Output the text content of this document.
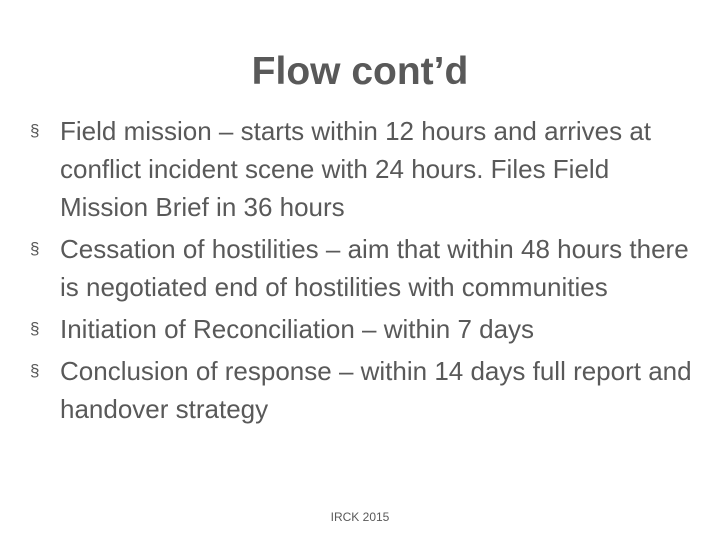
Flow cont’d
§ Field mission – starts within 12 hours and arrives at conflict incident scene with 24 hours. Files Field Mission Brief in 36 hours
§ Cessation of hostilities – aim that within 48 hours there is negotiated end of hostilities with communities
§ Initiation of Reconciliation – within 7 days
§ Conclusion of response – within 14 days full report and handover strategy
IRCK 2015
